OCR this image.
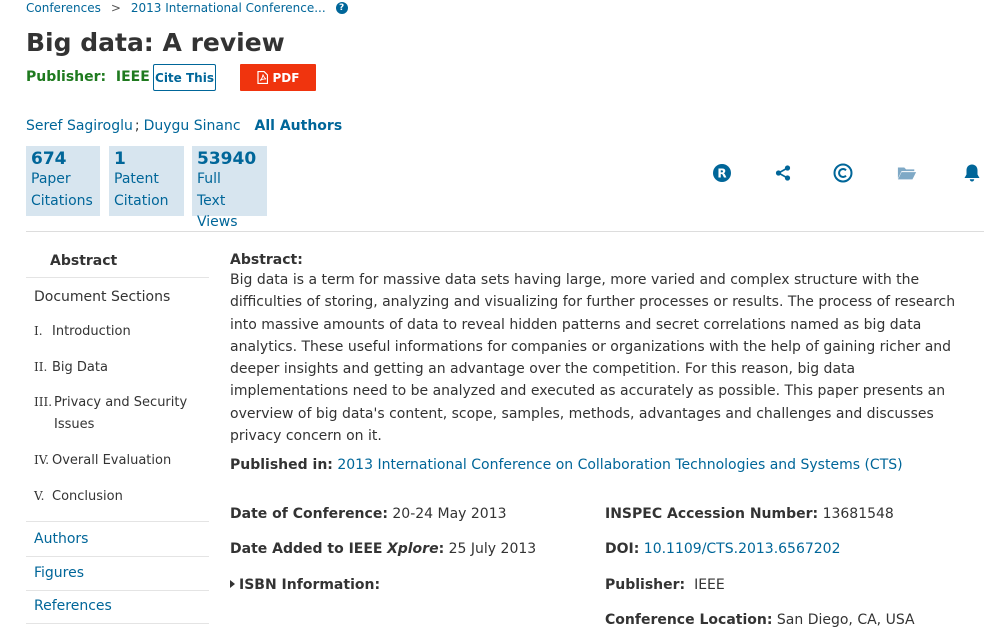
Conferences > 2013 International Conference...	?
Big data: A review
Publisher: IEEE Cite This	PDF
Seref Sagiroglu ; Duygu Sinanc All Authors
674
Paper
Citations
1
Patent
Citation
53940
Full
Text
Views
R
Abstract
Document Sections
I. Introduction
II. Big Data
III. Privacy and Security
Issues
IV. Overall Evaluation
V. Conclusion
Authors
Figures
References
Abstract:
Big data is a term for massive data sets having large, more varied and complex structure with the difficulties of storing, analyzing and visualizing for further processes or results. The process of research into massive amounts of data to reveal hidden patterns and secret correlations named as big data analytics. These useful informations for companies or organizations with the help of gaining richer and deeper insights and getting an advantage over the competition. For this reason, big data implementations need to be analyzed and executed as accurately as possible. This paper presents an overview of big data's content, scope, samples, methods, advantages and challenges and discusses privacy concern on it.
Published in: 2013 International Conference on Collaboration Technologies and Systems (CTS)
Date of Conference: 20-24 May 2013
Date Added to IEEE Xplore: 25 July 2013
ISBN Information:
INSPEC Accession Number: 13681548
DOI: 10.1109/CTS.2013.6567202
Publisher: IEEE
Conference Location: San Diego, CA, USA
